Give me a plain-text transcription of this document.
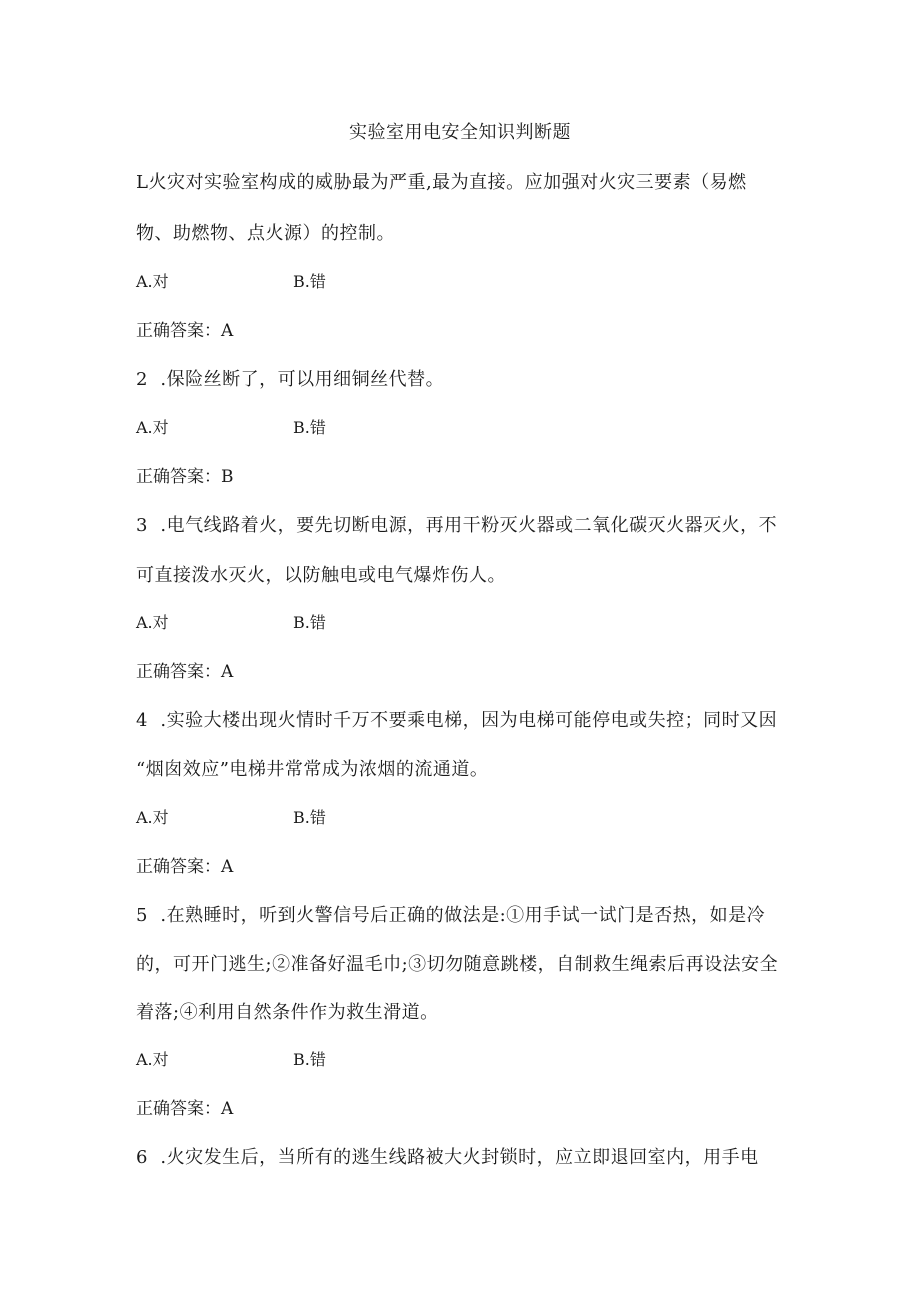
实验室用电安全知识判断题
L火灾对实验室构成的威胁最为严重,最为直接。应加强对火灾三要素（易燃
物、助燃物、点火源）的控制。
A.对	B.错
正确答案：A
2  .保险丝断了，可以用细铜丝代替。
A.对	B.错
正确答案：B
3  .电气线路着火，要先切断电源，再用干粉灭火器或二氧化碳灭火器灭火，不
可直接泼水灭火，以防触电或电气爆炸伤人。
A.对	B.错
正确答案：A
4  .实验大楼出现火情时千万不要乘电梯，因为电梯可能停电或失控；同时又因
“烟囱效应”电梯井常常成为浓烟的流通道。
A.对	B.错
正确答案：A
5  .在熟睡时，听到火警信号后正确的做法是:①用手试一试门是否热，如是冷
的，可开门逃生;②准备好温毛巾;③切勿随意跳楼，自制救生绳索后再设法安全
着落;④利用自然条件作为救生滑道。
A.对	B.错
正确答案：A
6  .火灾发生后，当所有的逃生线路被大火封锁时，应立即退回室内，用手电
